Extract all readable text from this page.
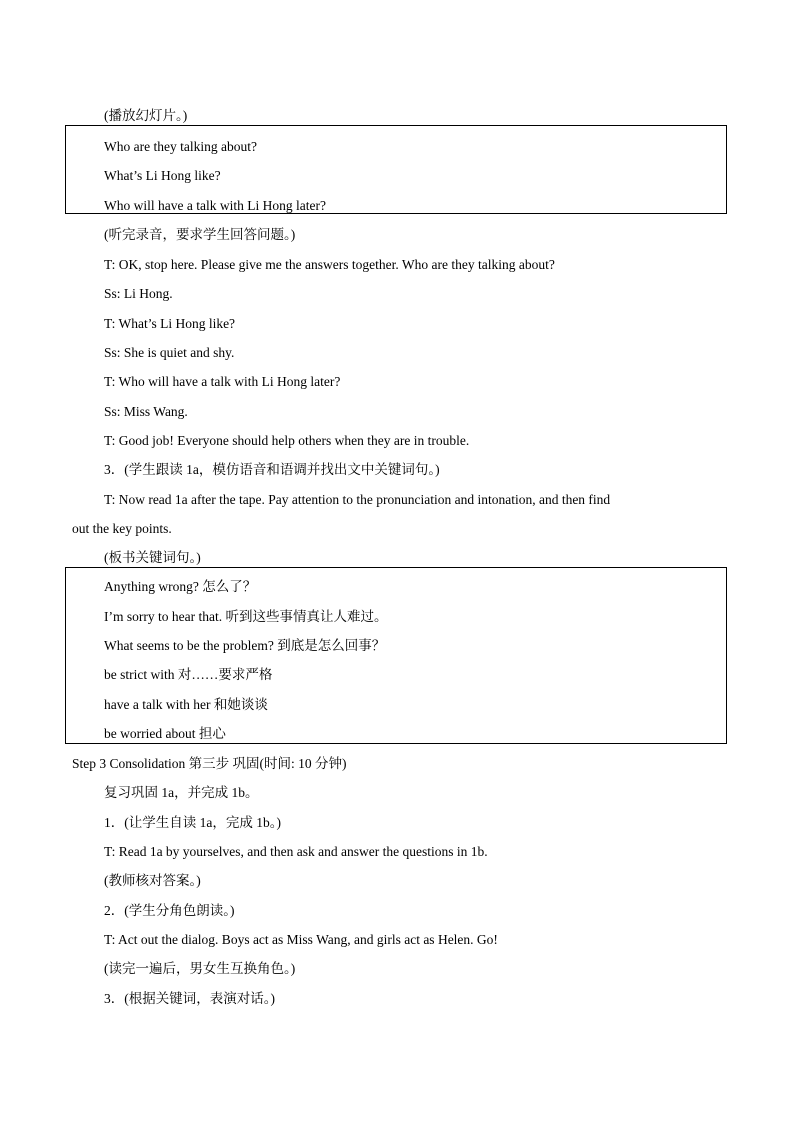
(播放幻灯片。)
Who are they talking about?
What’s Li Hong like?
Who will have a talk with Li Hong later?
(听完录音，要求学生回答问题。)
T: OK, stop here. Please give me the answers together. Who are they talking about?
Ss: Li Hong.
T: What’s Li Hong like?
Ss: She is quiet and shy.
T: Who will have a talk with Li Hong later?
Ss: Miss Wang.
T: Good job! Everyone should help others when they are in trouble.
3．(学生跟读 1a，模仿语音和语调并找出文中关键词句。)
T: Now read 1a after the tape. Pay attention to the pronunciation and intonation, and then find
out the key points.
(板书关键词句。)
Anything wrong? 怎么了？
I’m sorry to hear that. 听到这些事情真让人难过。
What seems to be the problem? 到底是怎么回事？
be strict with 对……要求严格
have a talk with her 和她谈谈
be worried about 担心
Step 3 Consolidation 第三步 巩固(时间: 10 分钟)
复习巩固 1a，并完成 1b。
1．(让学生自读 1a，完成 1b。)
T: Read 1a by yourselves, and then ask and answer the questions in 1b.
(教师核对答案。)
2．(学生分角色朗读。)
T: Act out the dialog. Boys act as Miss Wang, and girls act as Helen. Go!
(读完一遍后，男女生互换角色。)
3．(根据关键词，表演对话。)
